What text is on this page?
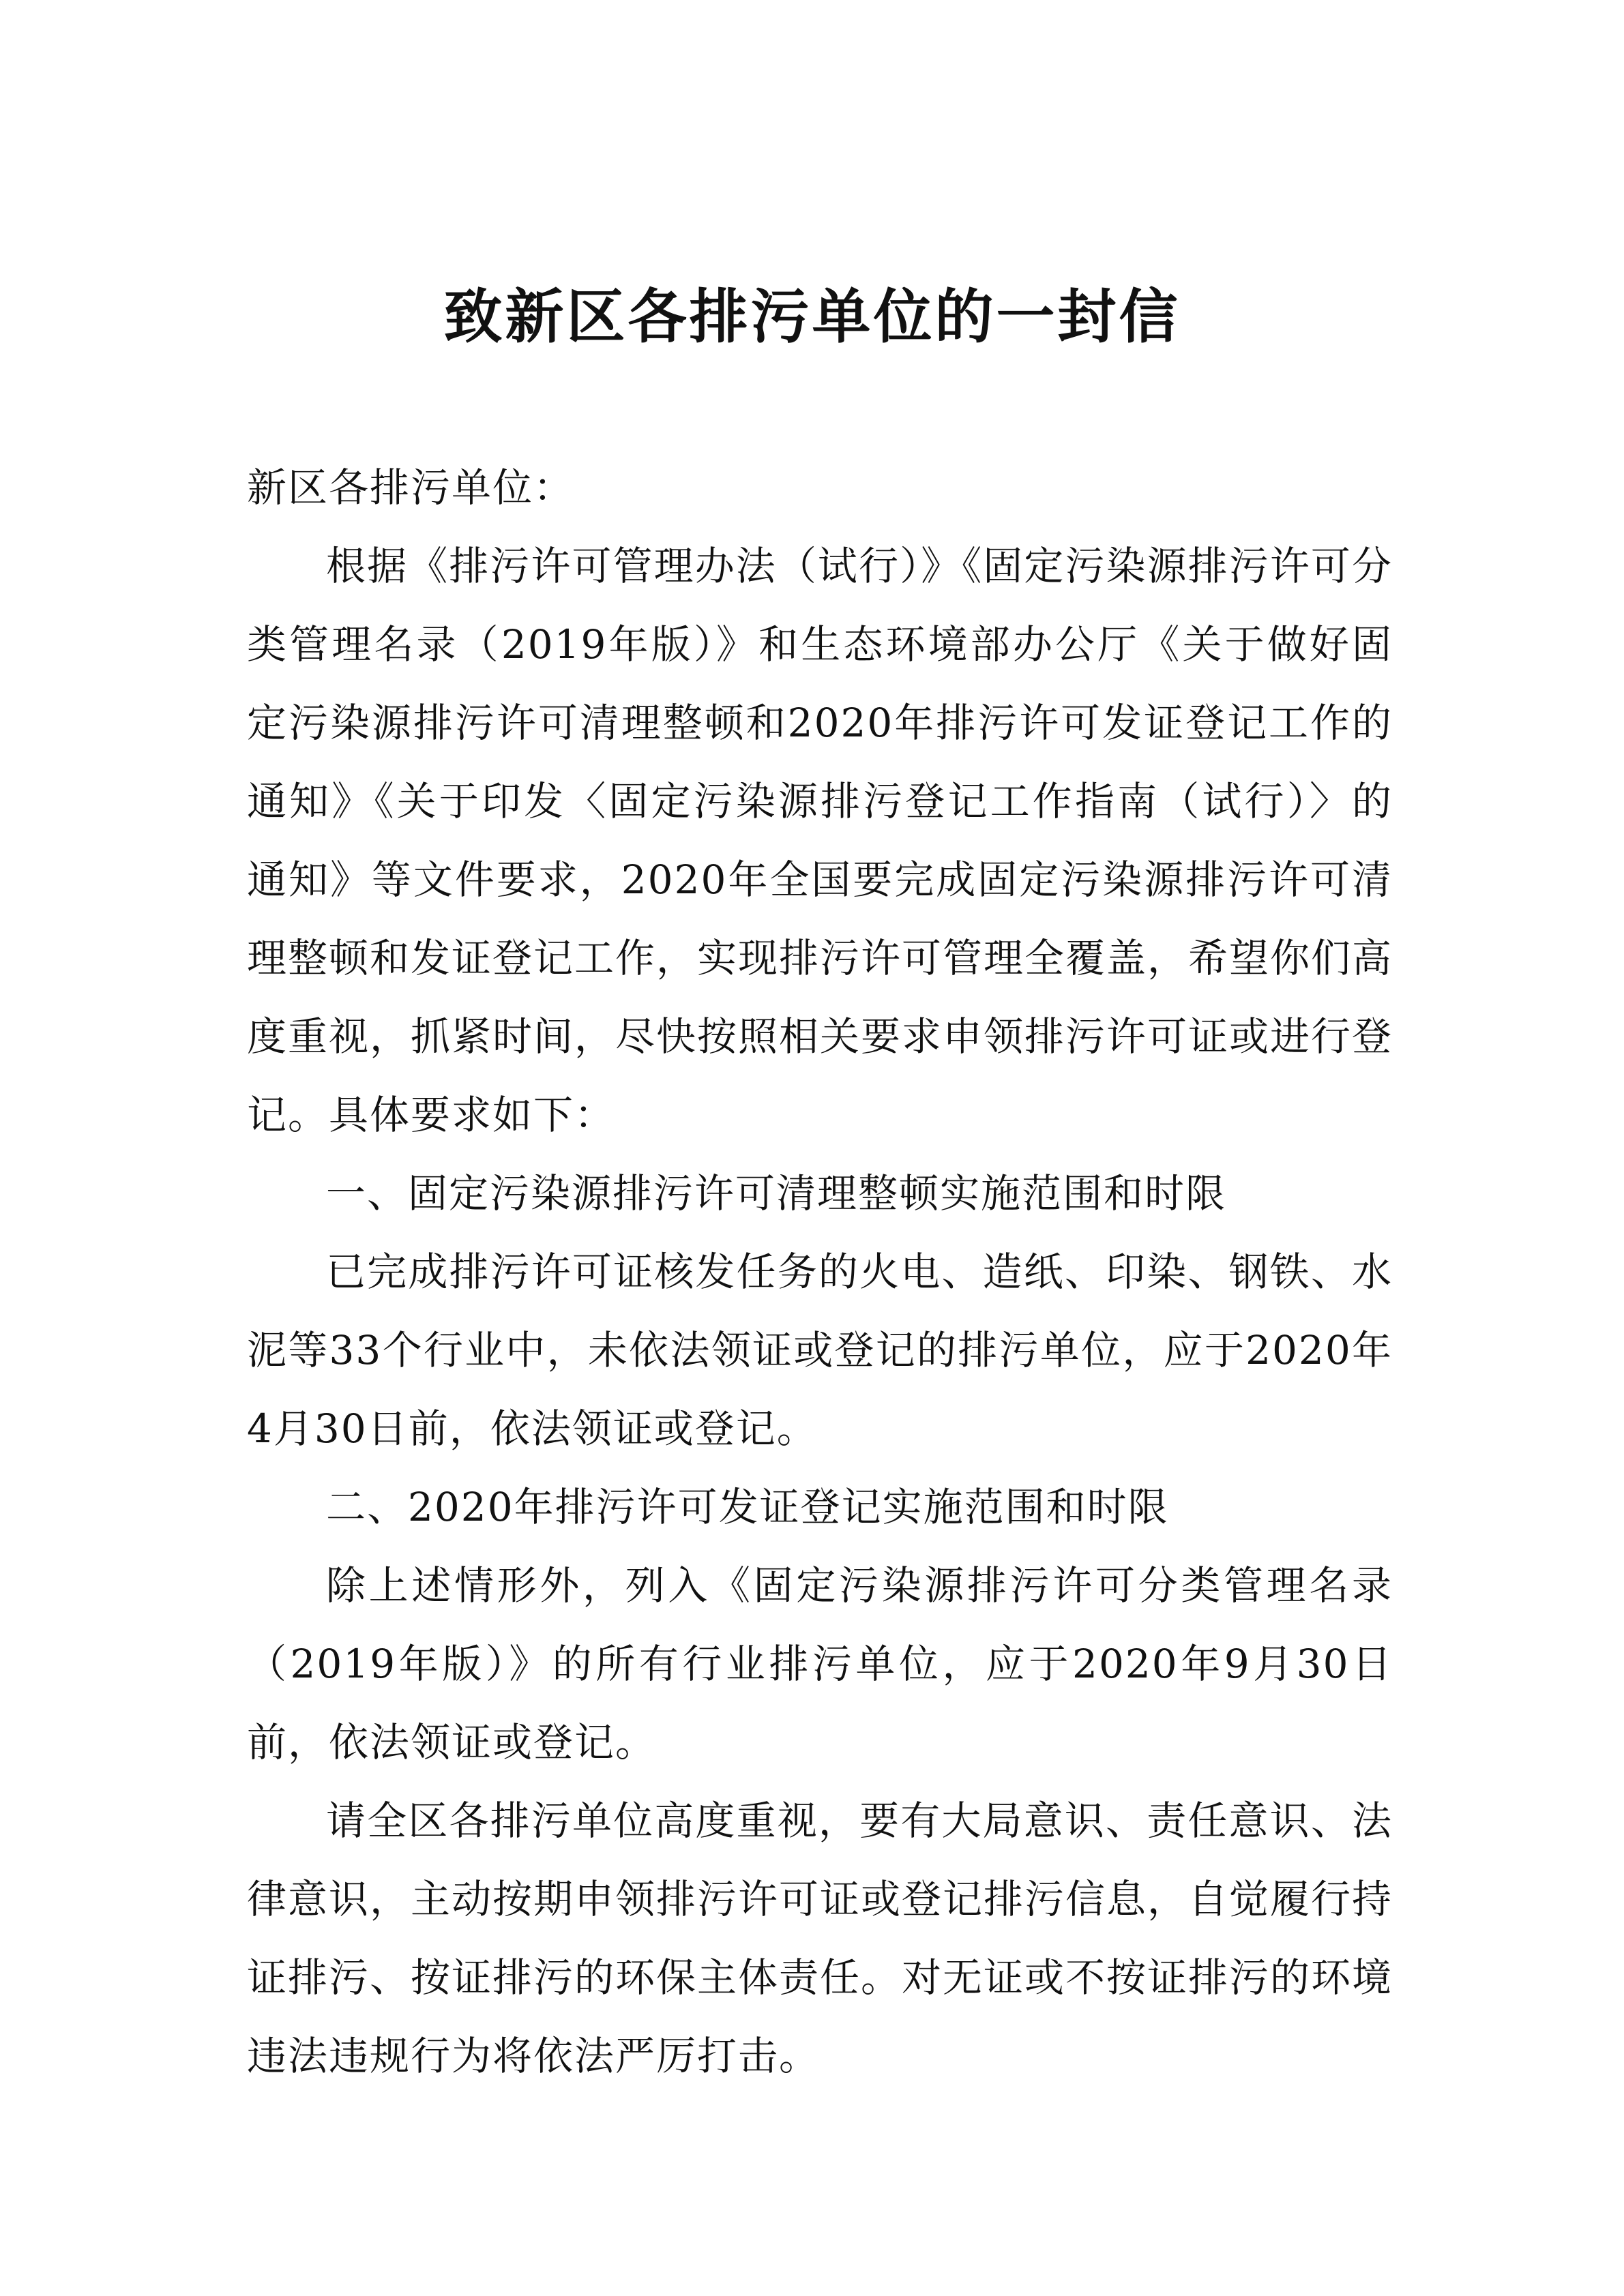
致新区各排污单位的一封信

新区各排污单位：

根据《排污许可管理办法（试行）》《固定污染源排污许可分类管理名录（2019年版）》和生态环境部办公厅《关于做好固定污染源排污许可清理整顿和2020年排污许可发证登记工作的通知》《关于印发〈固定污染源排污登记工作指南（试行）〉的通知》等文件要求，2020年全国要完成固定污染源排污许可清理整顿和发证登记工作，实现排污许可管理全覆盖，希望你们高度重视，抓紧时间，尽快按照相关要求申领排污许可证或进行登记。具体要求如下：

一、固定污染源排污许可清理整顿实施范围和时限

已完成排污许可证核发任务的火电、造纸、印染、钢铁、水泥等33个行业中，未依法领证或登记的排污单位，应于2020年4月30日前，依法领证或登记。

二、2020年排污许可发证登记实施范围和时限

除上述情形外，列入《固定污染源排污许可分类管理名录（2019年版）》的所有行业排污单位，应于2020年9月30日前，依法领证或登记。

请全区各排污单位高度重视，要有大局意识、责任意识、法律意识，主动按期申领排污许可证或登记排污信息，自觉履行持证排污、按证排污的环保主体责任。对无证或不按证排污的环境违法违规行为将依法严厉打击。
